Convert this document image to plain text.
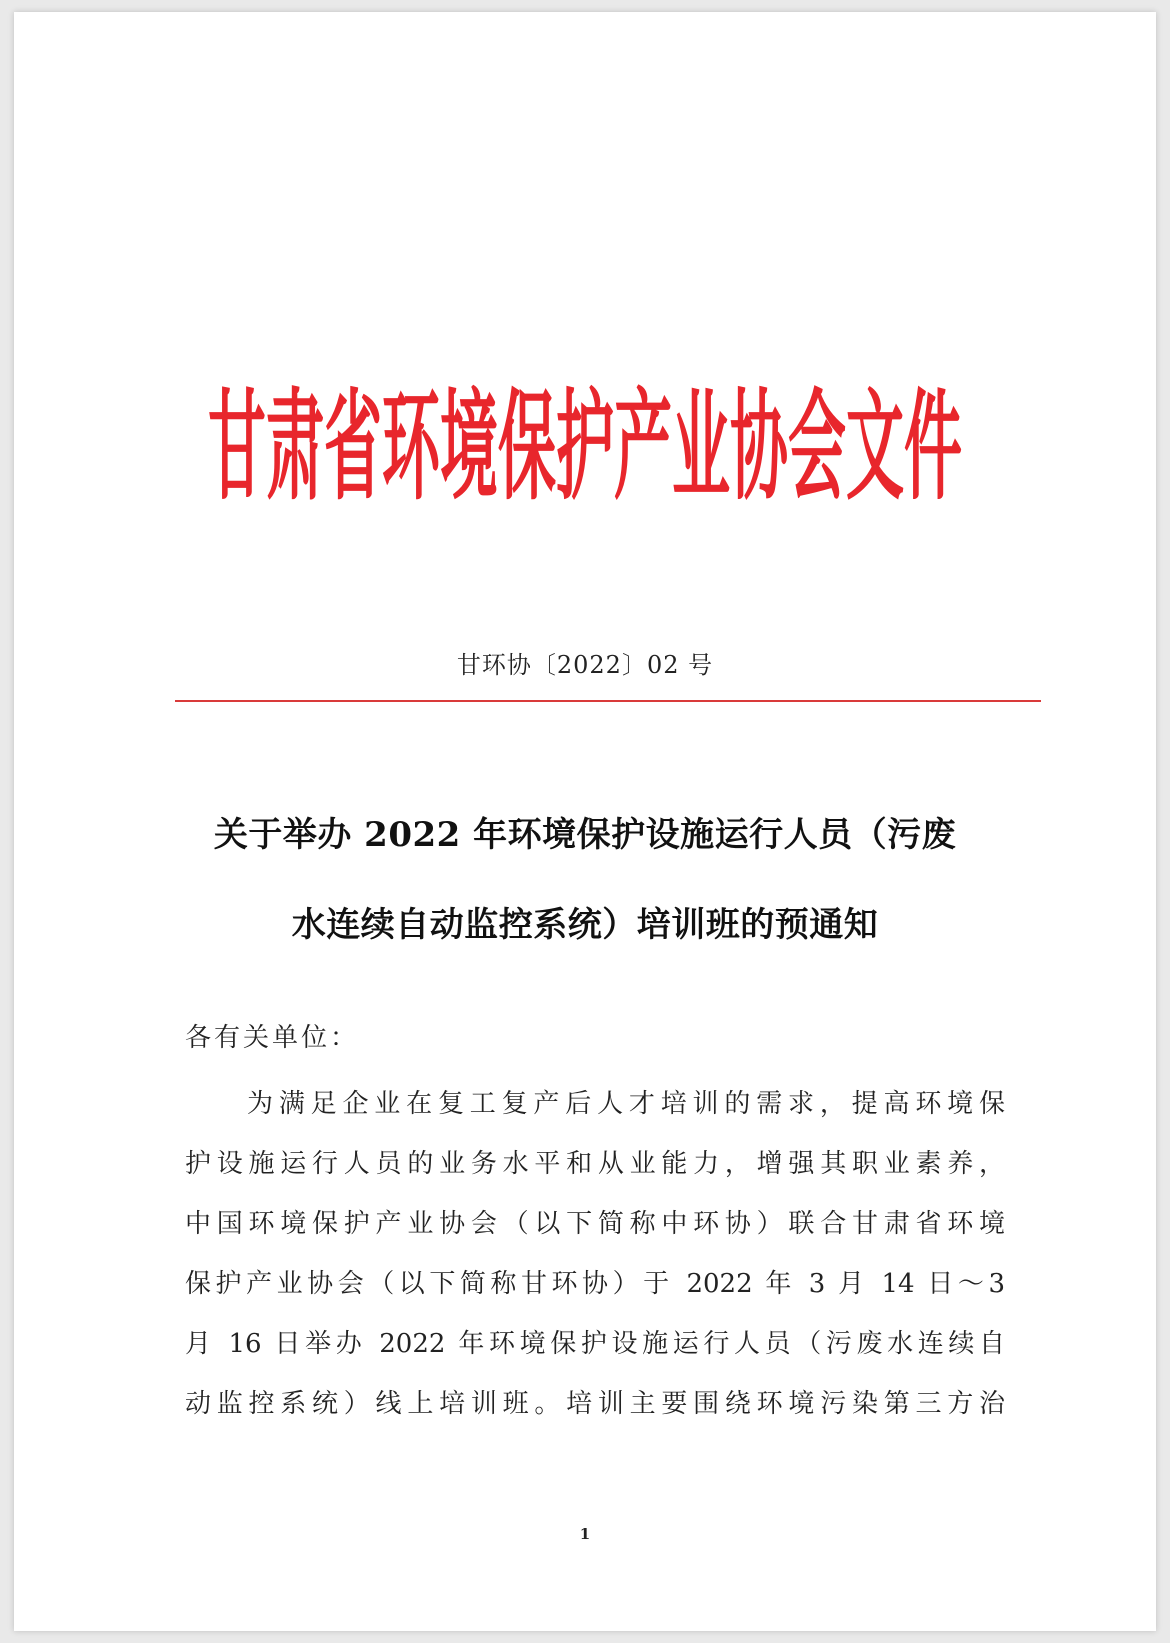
甘肃省环境保护产业协会文件
甘环协〔2022〕02 号
关于举办 2022 年环境保护设施运行人员（污废
水连续自动监控系统）培训班的预通知
各有关单位：
为满足企业在复工复产后人才培训的需求，提高环境保
护设施运行人员的业务水平和从业能力，增强其职业素养，
中国环境保护产业协会（以下简称中环协）联合甘肃省环境
保护产业协会（以下简称甘环协）于 2022 年 3 月 14 日～3
月 16 日举办 2022 年环境保护设施运行人员（污废水连续自
动监控系统）线上培训班。培训主要围绕环境污染第三方治
1
